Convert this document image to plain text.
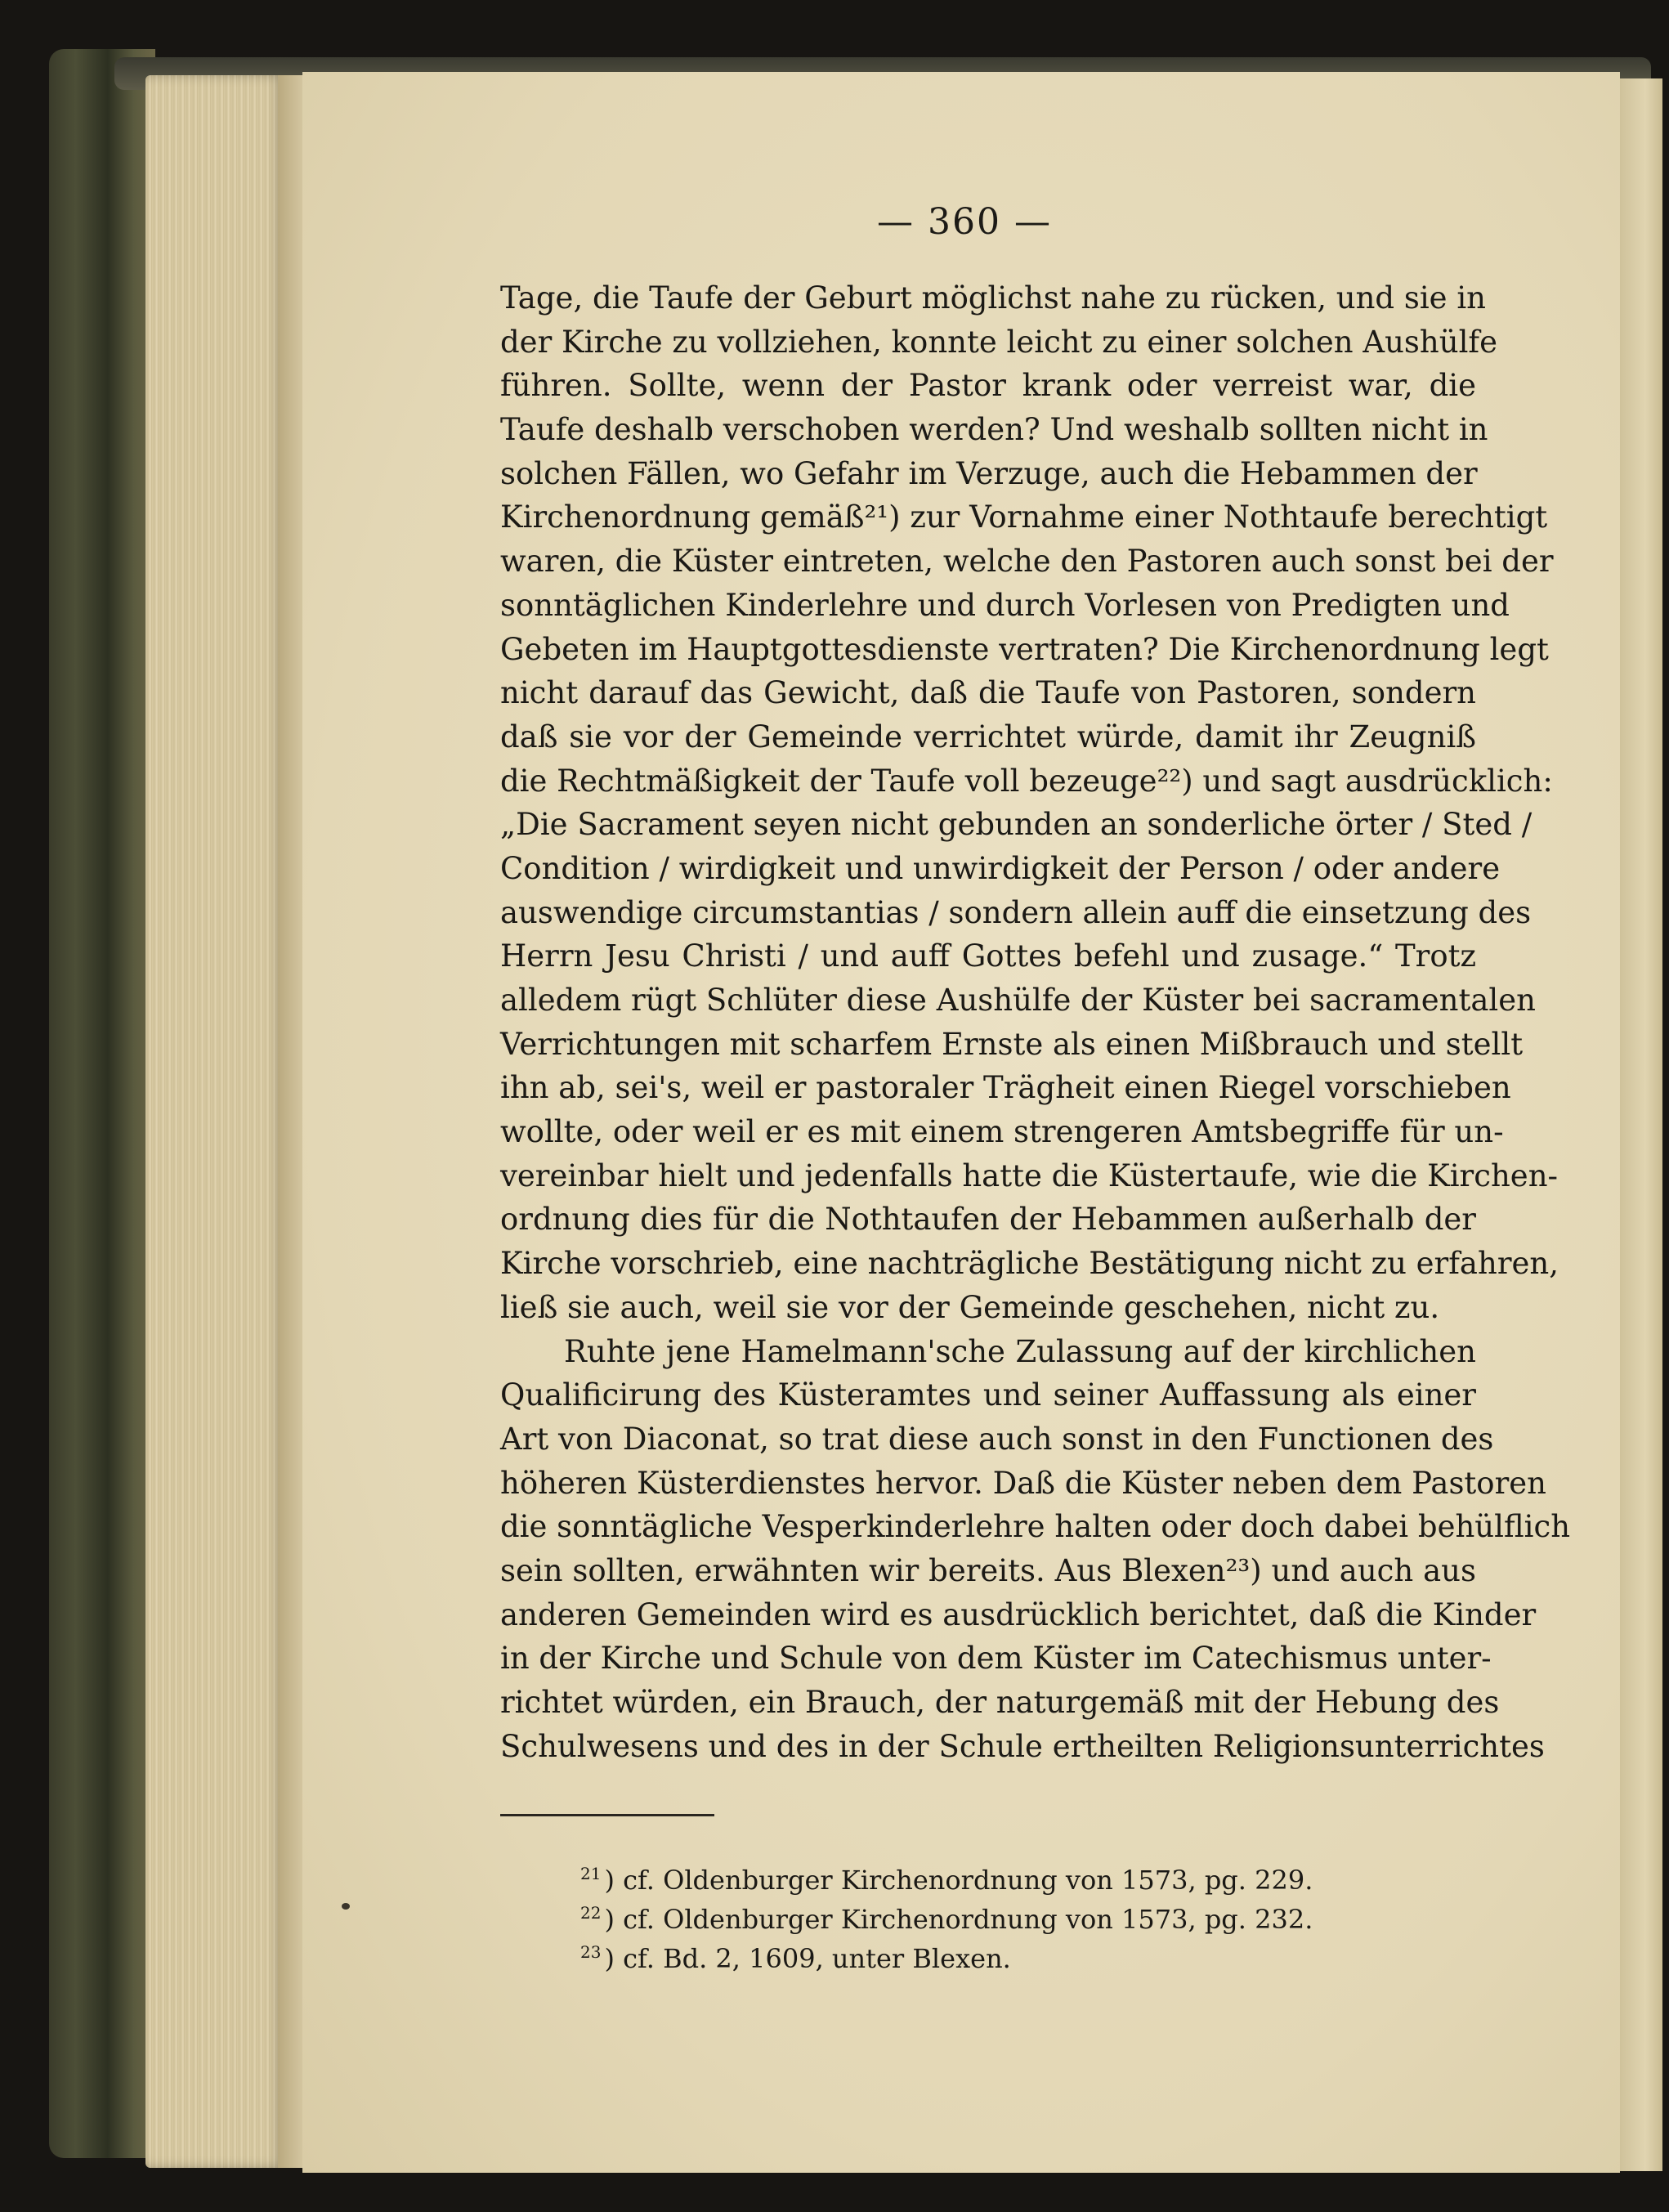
— 360 —
Tage, die Taufe der Geburt möglichst nahe zu rücken, und sie in
der Kirche zu vollziehen, konnte leicht zu einer solchen Aushülfe
führen. Sollte, wenn der Pastor krank oder verreist war, die
Taufe deshalb verschoben werden? Und weshalb sollten nicht in
solchen Fällen, wo Gefahr im Verzuge, auch die Hebammen der
Kirchenordnung gemäß²¹) zur Vornahme einer Nothtaufe berechtigt
waren, die Küster eintreten, welche den Pastoren auch sonst bei der
sonntäglichen Kinderlehre und durch Vorlesen von Predigten und
Gebeten im Hauptgottesdienste vertraten? Die Kirchenordnung legt
nicht darauf das Gewicht, daß die Taufe von Pastoren, sondern
daß sie vor der Gemeinde verrichtet würde, damit ihr Zeugniß
die Rechtmäßigkeit der Taufe voll bezeuge²²) und sagt ausdrücklich:
„Die Sacrament seyen nicht gebunden an sonderliche örter / Sted /
Condition / wirdigkeit und unwirdigkeit der Person / oder andere
auswendige circumstantias / sondern allein auff die einsetzung des
Herrn Jesu Christi / und auff Gottes befehl und zusage.“ Trotz
alledem rügt Schlüter diese Aushülfe der Küster bei sacramentalen
Verrichtungen mit scharfem Ernste als einen Mißbrauch und stellt
ihn ab, sei's, weil er pastoraler Trägheit einen Riegel vorschieben
wollte, oder weil er es mit einem strengeren Amtsbegriffe für un-
vereinbar hielt und jedenfalls hatte die Küstertaufe, wie die Kirchen-
ordnung dies für die Nothtaufen der Hebammen außerhalb der
Kirche vorschrieb, eine nachträgliche Bestätigung nicht zu erfahren,
ließ sie auch, weil sie vor der Gemeinde geschehen, nicht zu.
Ruhte jene Hamelmann'sche Zulassung auf der kirchlichen
Qualificirung des Küsteramtes und seiner Auffassung als einer
Art von Diaconat, so trat diese auch sonst in den Functionen des
höheren Küsterdienstes hervor. Daß die Küster neben dem Pastoren
die sonntägliche Vesperkinderlehre halten oder doch dabei behülflich
sein sollten, erwähnten wir bereits. Aus Blexen²³) und auch aus
anderen Gemeinden wird es ausdrücklich berichtet, daß die Kinder
in der Kirche und Schule von dem Küster im Catechismus unter-
richtet würden, ein Brauch, der naturgemäß mit der Hebung des
Schulwesens und des in der Schule ertheilten Religionsunterrichtes
$^{21}$ ) cf. Oldenburger Kirchenordnung von 1573, pg. 229.
$^{22}$ ) cf. Oldenburger Kirchenordnung von 1573, pg. 232.
$^{23}$ ) cf. Bd. 2, 1609, unter Blexen.
